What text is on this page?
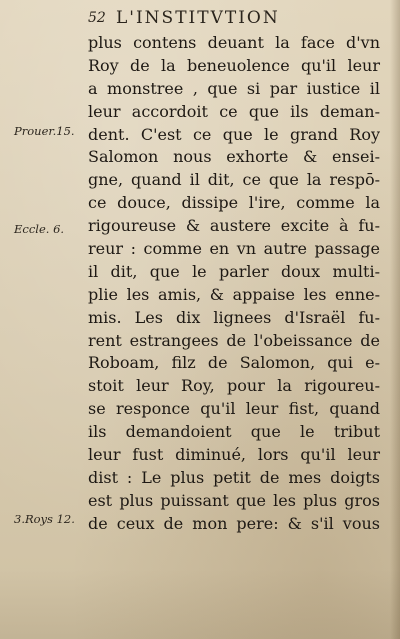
52 L'INSTITVTION
Prouer.15.
Eccle. 6.
3.Roys 12.
plus contens deuant la face d'vn
Roy de la beneuolence qu'il leur
a monstree , que si par iustice il
leur accordoit ce que ils deman-
dent. C'est ce que le grand Roy
Salomon nous exhorte & ensei-
gne, quand il dit, ce que la respō-
ce douce, dissipe l'ire, comme la
rigoureuse & austere excite à fu-
reur : comme en vn autre passage
il dit, que le parler doux multi-
plie les amis, & appaise les enne-
mis. Les dix lignees d'Israël fu-
rent estrangees de l'obeissance de
Roboam, filz de Salomon, qui e-
stoit leur Roy, pour la rigoureu-
se responce qu'il leur fist, quand
ils demandoient que le tribut
leur fust diminué, lors qu'il leur
dist : Le plus petit de mes doigts
est plus puissant que les plus gros
de ceux de mon pere: & s'il vous
